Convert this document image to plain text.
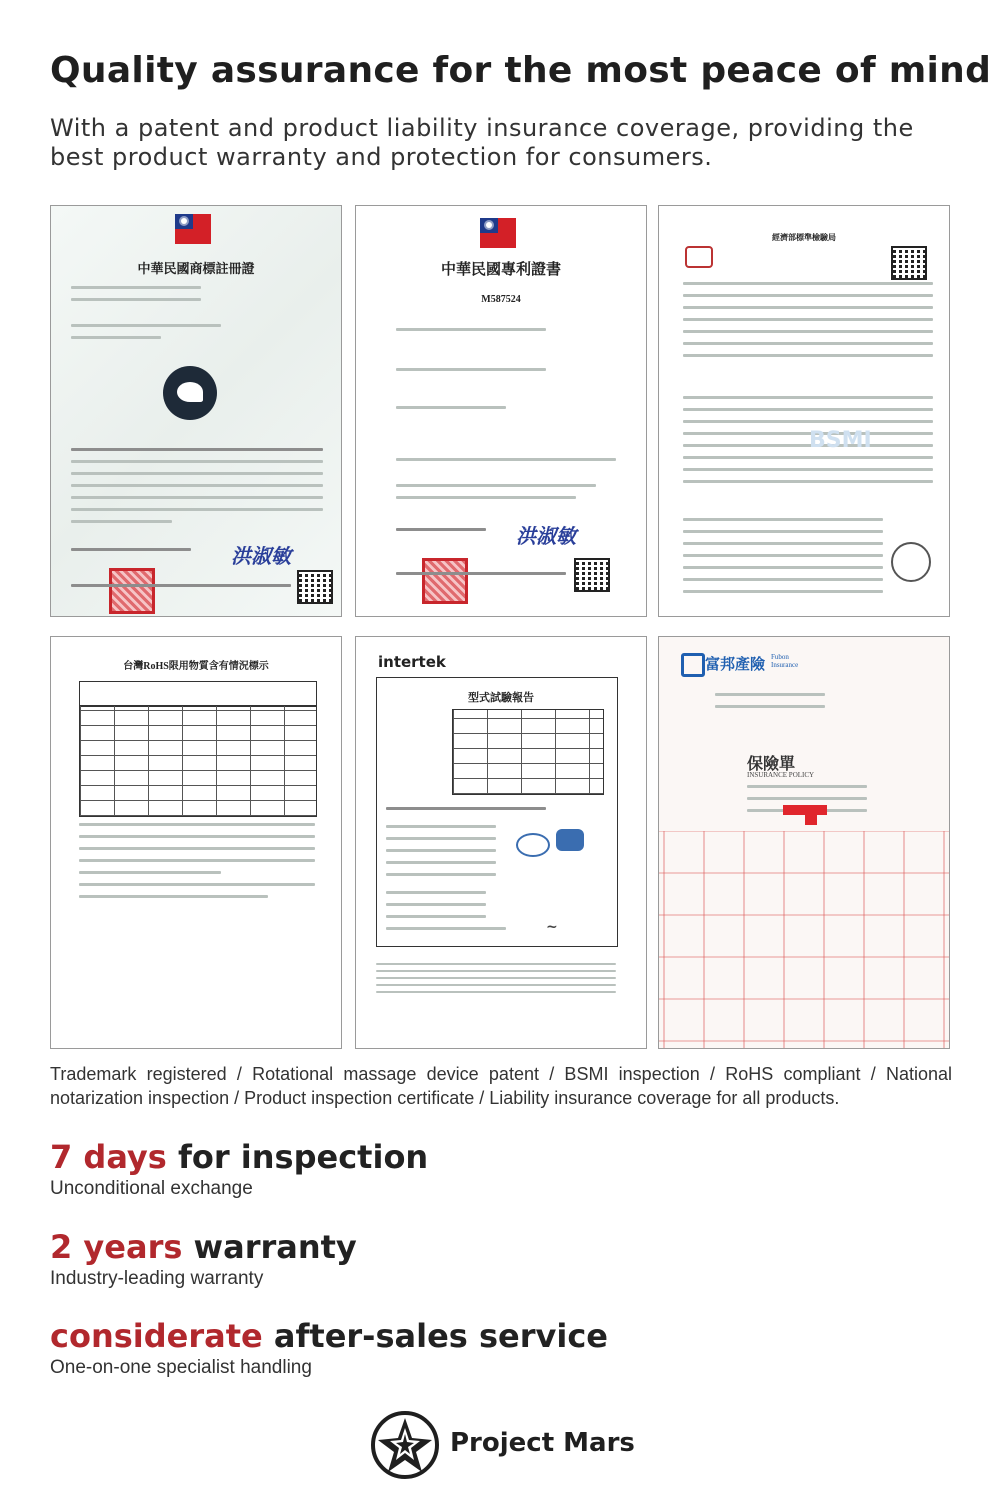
Quality assurance for the most peace of mind
With a patent and product liability insurance coverage, providing the best product warranty and protection for consumers.
中華民國商標註冊證
洪淑敏
中華民國專利證書
M587524
洪淑敏
經濟部標準檢驗局
BSMI
台灣RoHS限用物質含有情況標示	intertek
型式試驗報告
~
富邦產險 Fubon Insurance
保險單
INSURANCE POLICY
Trademark registered / Rotational massage device patent / BSMI inspection / RoHS compliant / National notarization inspection / Product inspection certificate / Liability insurance coverage for all products.
7 days for inspection
Unconditional exchange
2 years warranty
Industry-leading warranty
considerate after-sales service
One-on-one specialist handling
Project Mars
